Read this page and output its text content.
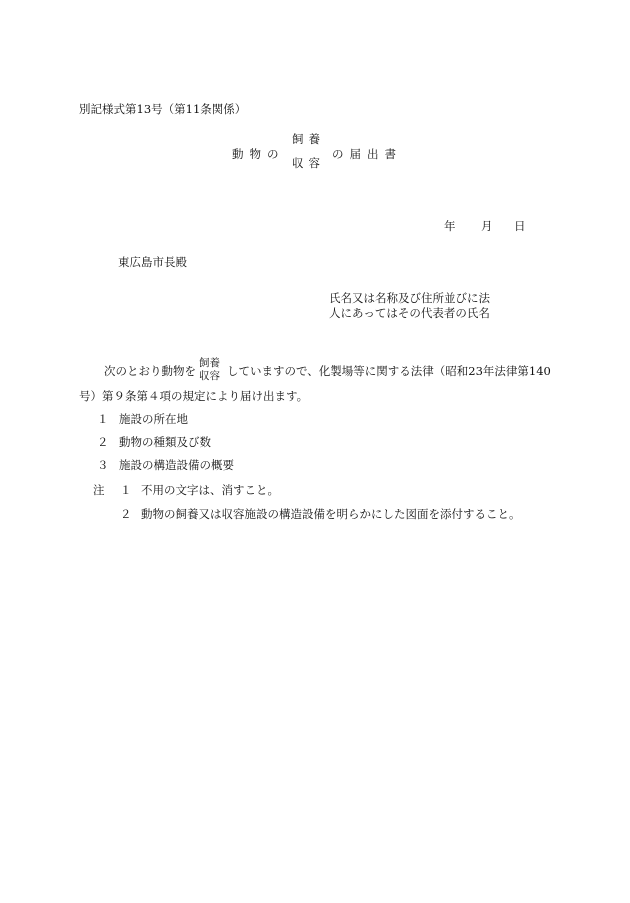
別記様式第13号（第11条関係）
動物の
飼養
収容
の届出書
年 月 日
東広島市長殿
氏名又は名称及び住所並びに法
人にあってはその代表者の氏名
次のとおり動物を
飼養
収容 していますので、化製場等に関する法律（昭和23年法律第140
号）第９条第４項の規定により届け出ます。
１ 施設の所在地
２ 動物の種類及び数
３ 施設の構造設備の概要
注 １ 不用の文字は、消すこと。
２ 動物の飼養又は収容施設の構造設備を明らかにした図面を添付すること。
